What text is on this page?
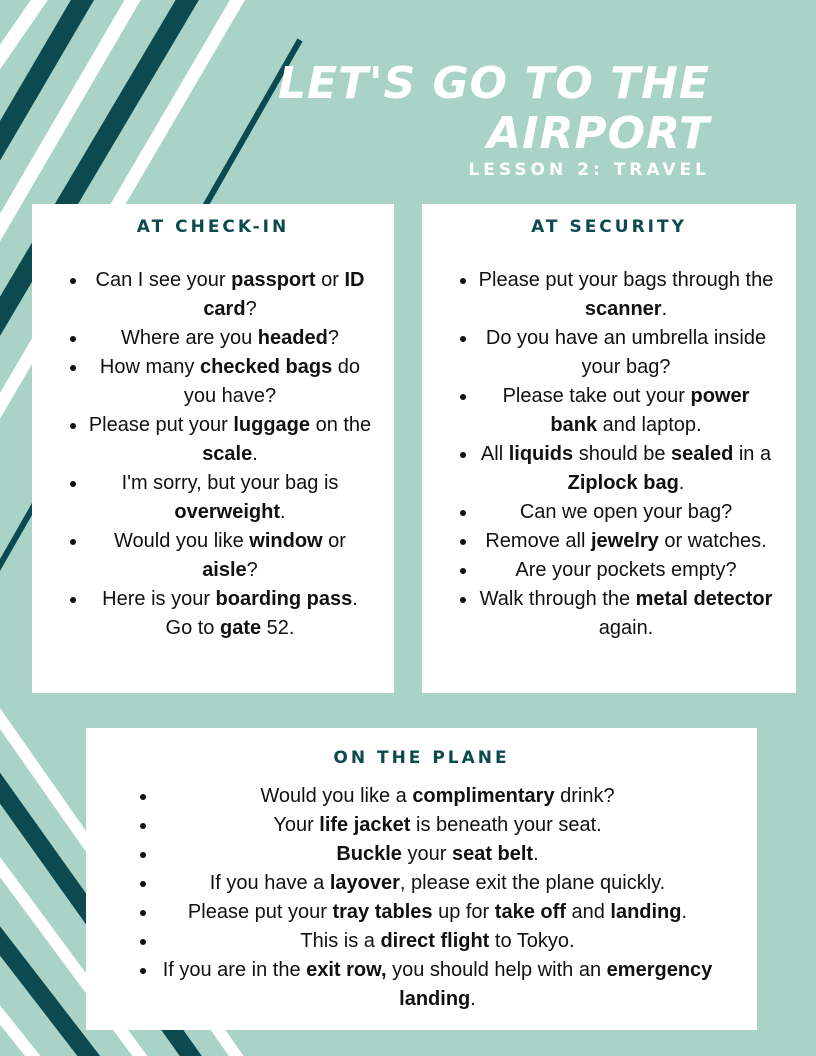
LET'S GO TO THE
AIRPORT
LESSON 2: TRAVEL
AT CHECK-IN
• Can I see your passport or ID card?
• Where are you headed?
• How many checked bags do you have?
• Please put your luggage on the scale.
• I'm sorry, but your bag is overweight.
• Would you like window or aisle?
• Here is your boarding pass. Go to gate 52.
AT SECURITY
• Please put your bags through the scanner.
• Do you have an umbrella inside your bag?
• Please take out your power bank and laptop.
• All liquids should be sealed in a Ziplock bag.
• Can we open your bag?
• Remove all jewelry or watches.
• Are your pockets empty?
• Walk through the metal detector again.
ON THE PLANE
• Would you like a complimentary drink?
• Your life jacket is beneath your seat.
• Buckle your seat belt.
• If you have a layover, please exit the plane quickly.
• Please put your tray tables up for take off and landing.
• This is a direct flight to Tokyo.
• If you are in the exit row, you should help with an emergency landing.
